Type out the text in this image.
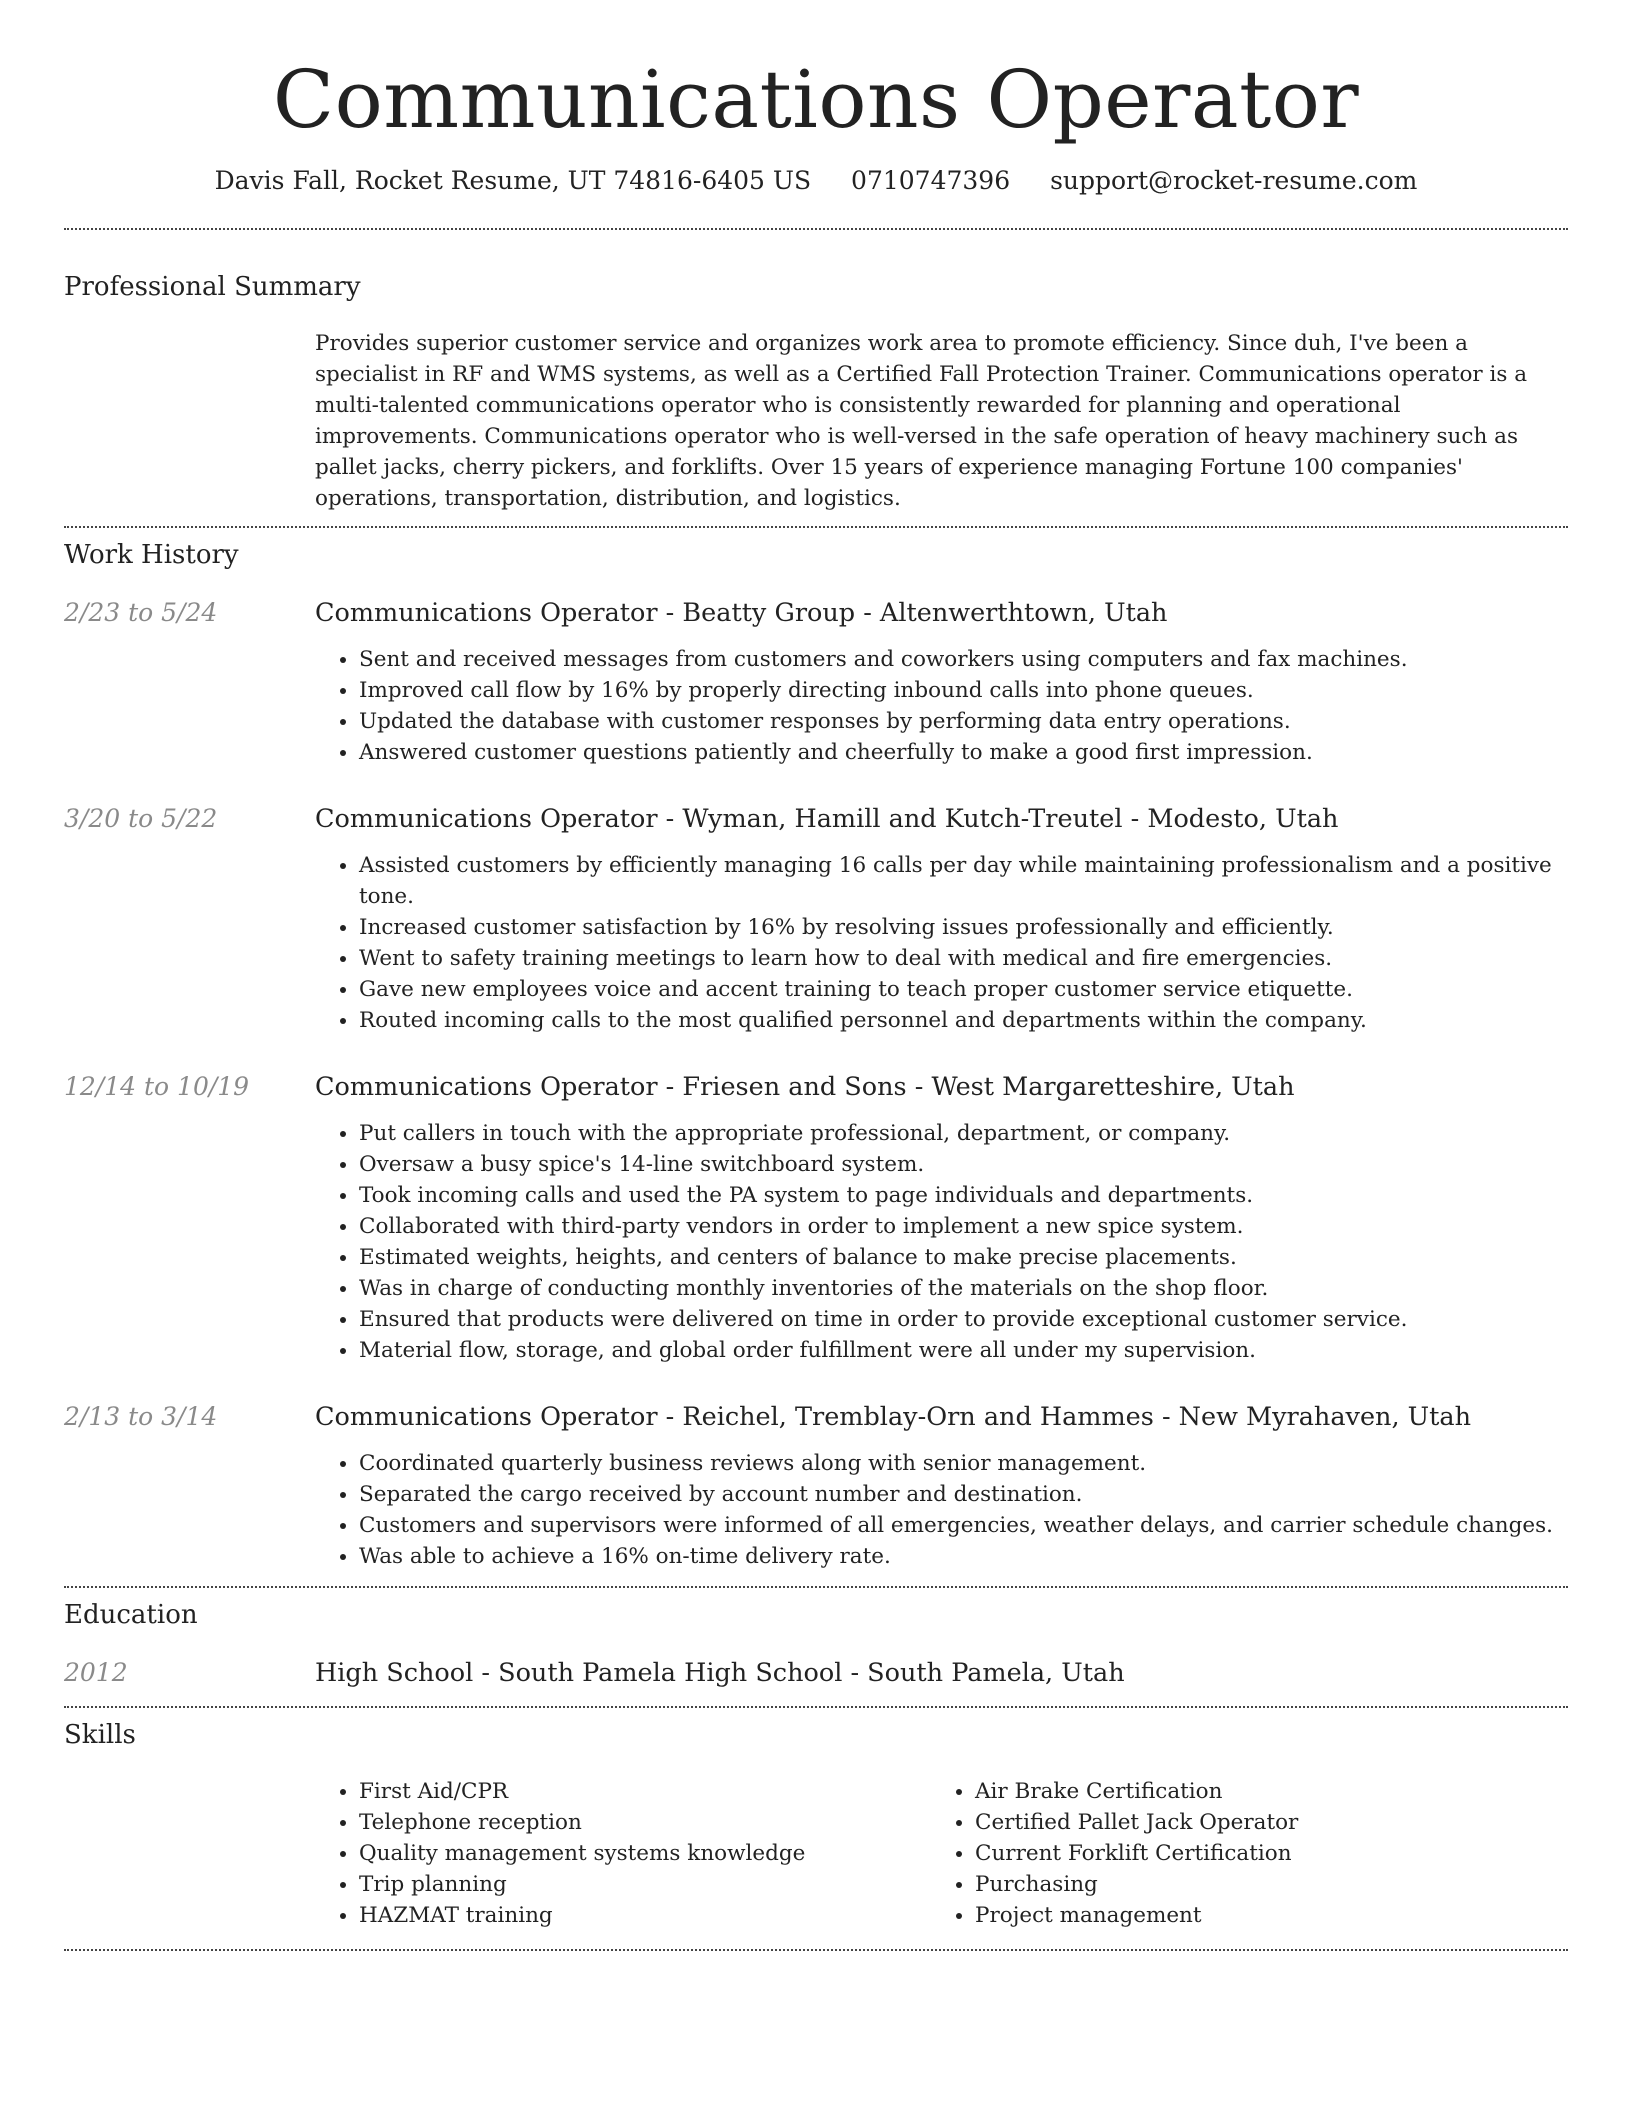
Communications Operator
Davis Fall, Rocket Resume, UT 74816-6405 US 0710747396 support@rocket-resume.com
Professional Summary

Provides superior customer service and organizes work area to promote efficiency. Since duh, I've been a specialist in RF and WMS systems, as well as a Certified Fall Protection Trainer. Communications operator is a multi-talented communications operator who is consistently rewarded for planning and operational improvements. Communications operator who is well-versed in the safe operation of heavy machinery such as pallet jacks, cherry pickers, and forklifts. Over 15 years of experience managing Fortune 100 companies' operations, transportation, distribution, and logistics.

Work History
2/23 to 5/24	Communications Operator - Beatty Group - Altenwerthtown, Utah
• Sent and received messages from customers and coworkers using computers and fax machines.
• Improved call flow by 16% by properly directing inbound calls into phone queues.
• Updated the database with customer responses by performing data entry operations.
• Answered customer questions patiently and cheerfully to make a good first impression.
3/20 to 5/22	Communications Operator - Wyman, Hamill and Kutch-Treutel - Modesto, Utah
• Assisted customers by efficiently managing 16 calls per day while maintaining professionalism and a positive tone.
• Increased customer satisfaction by 16% by resolving issues professionally and efficiently.
• Went to safety training meetings to learn how to deal with medical and fire emergencies.
• Gave new employees voice and accent training to teach proper customer service etiquette.
• Routed incoming calls to the most qualified personnel and departments within the company.
12/14 to 10/19	Communications Operator - Friesen and Sons - West Margaretteshire, Utah
• Put callers in touch with the appropriate professional, department, or company.
• Oversaw a busy spice's 14-line switchboard system.
• Took incoming calls and used the PA system to page individuals and departments.
• Collaborated with third-party vendors in order to implement a new spice system.
• Estimated weights, heights, and centers of balance to make precise placements.
• Was in charge of conducting monthly inventories of the materials on the shop floor.
• Ensured that products were delivered on time in order to provide exceptional customer service.
• Material flow, storage, and global order fulfillment were all under my supervision.
2/13 to 3/14	Communications Operator - Reichel, Tremblay-Orn and Hammes - New Myrahaven, Utah
• Coordinated quarterly business reviews along with senior management.
• Separated the cargo received by account number and destination.
• Customers and supervisors were informed of all emergencies, weather delays, and carrier schedule changes.
• Was able to achieve a 16% on-time delivery rate.
Education
2012	High School - South Pamela High School - South Pamela, Utah
Skills
• First Aid/CPR
• Telephone reception
• Quality management systems knowledge
• Trip planning
• HAZMAT training
• Air Brake Certification
• Certified Pallet Jack Operator
• Current Forklift Certification
• Purchasing
• Project management
